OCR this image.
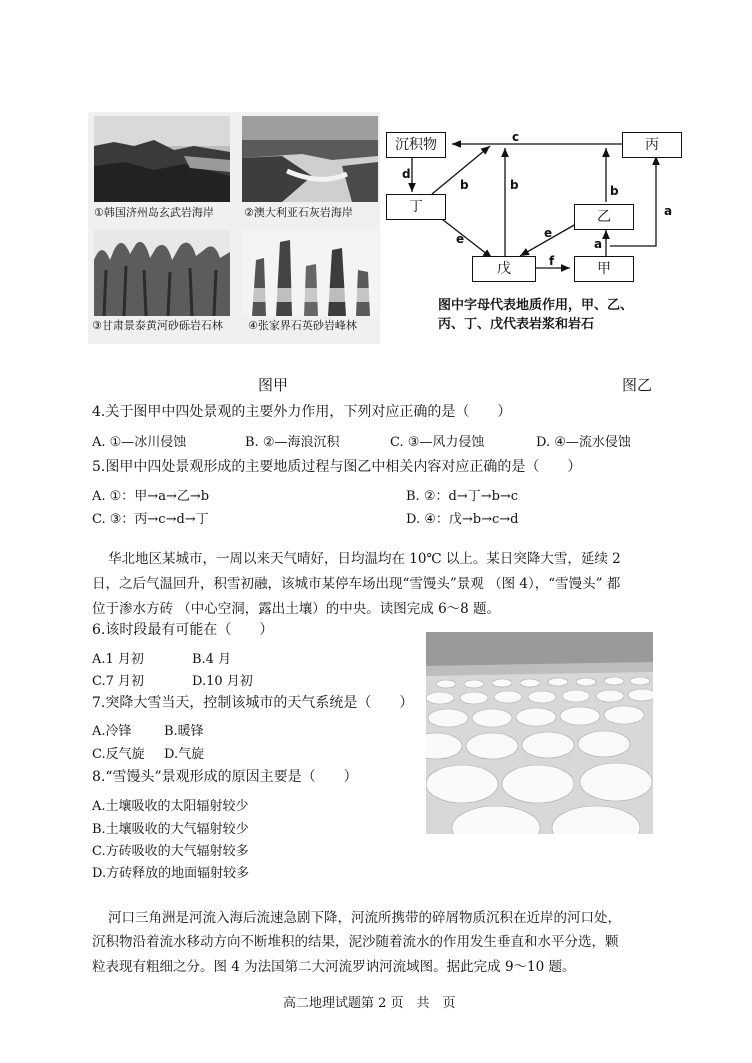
①韩国济州岛玄武岩海岸	②澳大利亚石灰岩海岸
③甘肃景泰黄河砂砾岩石林 ④张家界石英砂岩峰林
沉积物	丙
丁
乙
戊	甲
c
d
b	b	b
e	e
f
a
a
图中字母代表地质作用，甲、乙、
丙、丁、戊代表岩浆和岩石
图甲	图乙
4.关于图甲中四处景观的主要外力作用，下列对应正确的是（　　）
A. ①—冰川侵蚀	B. ②—海浪沉积	C. ③—风力侵蚀	D. ④—流水侵蚀
5.图甲中四处景观形成的主要地质过程与图乙中相关内容对应正确的是（　　）
A. ①：甲→a→乙→b	B. ②：d→丁→b→c
C. ③：丙→c→d→丁	D. ④：戊→b→c→d
华北地区某城市，一周以来天气晴好，日均温均在 10℃ 以上。某日突降大雪，延续 2
日，之后气温回升，积雪初融，该城市某停车场出现“雪馒头”景观 （图 4），“雪馒头” 都
位于渗水方砖 （中心空洞，露出土壤）的中央。读图完成 6～8 题。
6.该时段最有可能在（　　）
A.1 月初	B.4 月
C.7 月初	D.10 月初
7.突降大雪当天，控制该城市的天气系统是（　　）
A.冷锋 B.暖锋
C.反气旋 D.气旋
8.“雪馒头”景观形成的原因主要是（　　）
A.土壤吸收的太阳辐射较少
B.土壤吸收的大气辐射较少
C.方砖吸收的大气辐射较多
D.方砖释放的地面辐射较多
河口三角洲是河流入海后流速急剧下降，河流所携带的碎屑物质沉积在近岸的河口处，
沉积物沿着流水移动方向不断堆积的结果，泥沙随着流水的作用发生垂直和水平分选，颗
粒表现有粗细之分。图 4 为法国第二大河流罗讷河流域图。据此完成 9～10 题。
高二地理试题第 2 页　共　页
